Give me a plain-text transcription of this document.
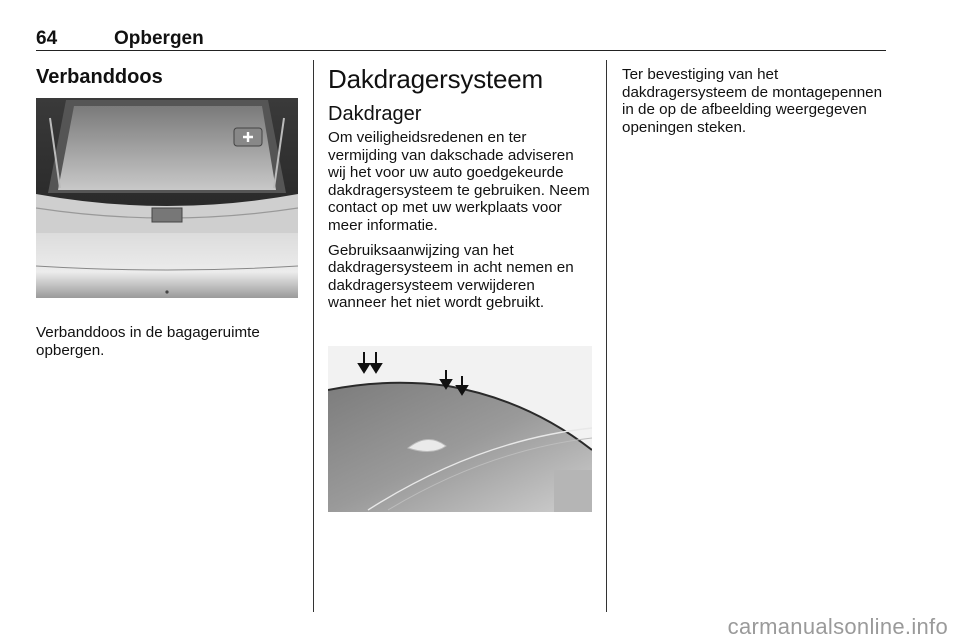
64	Opbergen
Verbanddoos

Verbanddoos in de bagageruimte opbergen.

Dakdragersysteem
Dakdrager

Om veiligheidsredenen en ter vermijding van dakschade adviseren wij het voor uw auto goedgekeurde dakdragersysteem te gebruiken. Neem contact op met uw werkplaats voor meer informatie.

Gebruiksaanwijzing van het dakdragersysteem in acht nemen en dakdragersysteem verwijderen wanneer het niet wordt gebruikt.

Ter bevestiging van het dakdragersysteem de montagepennen in de op de afbeelding weergegeven openingen steken.

carmanualsonline.info
